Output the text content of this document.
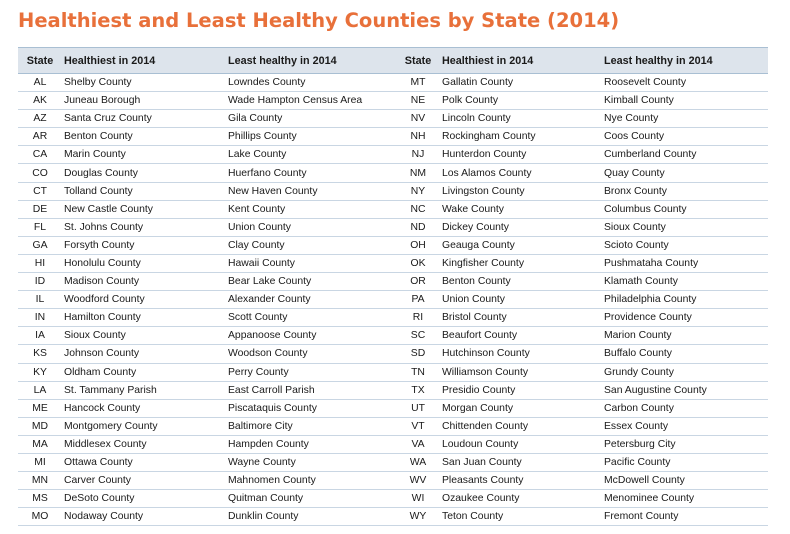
Healthiest and Least Healthy Counties by State (2014)
State	Healthiest in 2014	Least healthy in 2014	State	Healthiest in 2014	Least healthy in 2014
AL	Shelby County	Lowndes County	MT	Gallatin County	Roosevelt County
AK	Juneau Borough	Wade Hampton Census Area	NE	Polk County	Kimball County
AZ	Santa Cruz County	Gila County	NV	Lincoln County	Nye County
AR	Benton County	Phillips County	NH	Rockingham County	Coos County
CA	Marin County	Lake County	NJ	Hunterdon County	Cumberland County
CO	Douglas County	Huerfano County	NM	Los Alamos County	Quay County
CT	Tolland County	New Haven County	NY	Livingston County	Bronx County
DE	New Castle County	Kent County	NC	Wake County	Columbus County
FL	St. Johns County	Union County	ND	Dickey County	Sioux County
GA	Forsyth County	Clay County	OH	Geauga County	Scioto County
HI	Honolulu County	Hawaii County	OK	Kingfisher County	Pushmataha County
ID	Madison County	Bear Lake County	OR	Benton County	Klamath County
IL	Woodford County	Alexander County	PA	Union County	Philadelphia County
IN	Hamilton County	Scott County	RI	Bristol County	Providence County
IA	Sioux County	Appanoose County	SC	Beaufort County	Marion County
KS	Johnson County	Woodson County	SD	Hutchinson County	Buffalo County
KY	Oldham County	Perry County	TN	Williamson County	Grundy County
LA	St. Tammany Parish	East Carroll Parish	TX	Presidio County	San Augustine County
ME	Hancock County	Piscataquis County	UT	Morgan County	Carbon County
MD	Montgomery County	Baltimore City	VT	Chittenden County	Essex County
MA	Middlesex County	Hampden County	VA	Loudoun County	Petersburg City
MI	Ottawa County	Wayne County	WA	San Juan County	Pacific County
MN	Carver County	Mahnomen County	WV	Pleasants County	McDowell County
MS	DeSoto County	Quitman County	WI	Ozaukee County	Menominee County
MO	Nodaway County	Dunklin County	WY	Teton County	Fremont County
